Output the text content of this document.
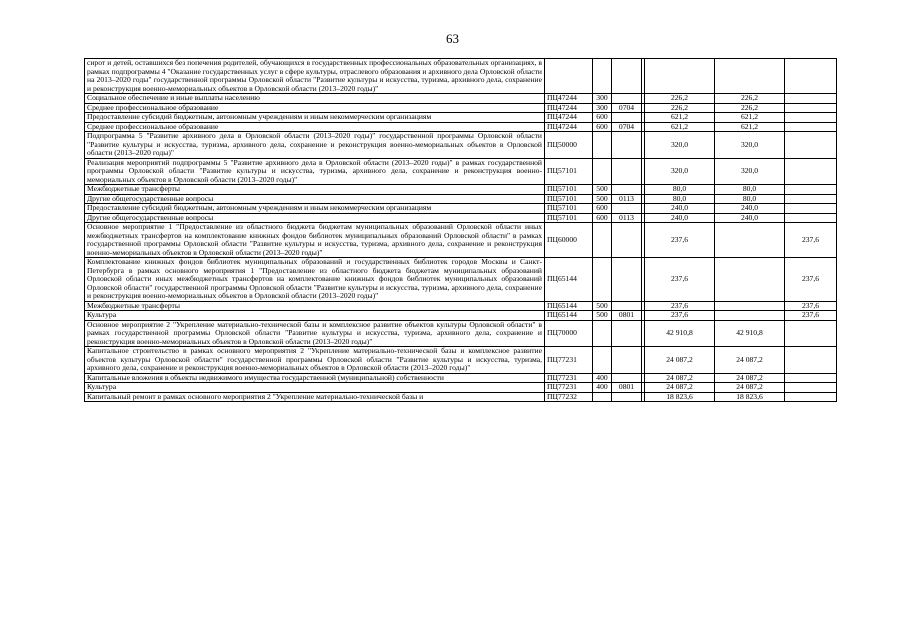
63
сирот и детей, оставшихся без попечения родителей, обучающихся в государственных профессиональных образовательных организациях, в рамках подпрограммы 4 "Оказание государственных услуг в сфере культуры, отраслевого образования и архивного дела Орловской области на 2013–2020 годы" государственной программы Орловской области "Развитие культуры и искусства, туризма, архивного дела, сохранение и реконструкция военно-мемориальных объектов в Орловской области (2013–2020 годы)"							
Социальное обеспечение и иные выплаты населению	ПЦ47244	300			226,2	226,2	
Среднее профессиональное образование	ПЦ47244	300	0704		226,2	226,2	
Предоставление субсидий бюджетным, автономным учреждениям и иным некоммерческим организациям	ПЦ47244	600			621,2	621,2	
Среднее профессиональное образование	ПЦ47244	600	0704		621,2	621,2	
Подпрограмма 5 "Развитие архивного дела в Орловской области (2013–2020 годы)" государственной программы Орловской области "Развитие культуры и искусства, туризма, архивного дела, сохранение и реконструкция военно-мемориальных объектов в Орловской области (2013–2020 годы)"	ПЦ50000				320,0	320,0	
Реализация мероприятий подпрограммы 5 "Развитие архивного дела в Орловской области (2013–2020 годы)" в рамках государственной программы Орловской области "Развитие культуры и искусства, туризма, архивного дела, сохранение и реконструкция военно-мемориальных объектов в Орловской области (2013–2020 годы)"	ПЦ57101				320,0	320,0	
Межбюджетные трансферты	ПЦ57101	500			80,0	80,0	
Другие общегосударственные вопросы	ПЦ57101	500	0113		80,0	80,0	
Предоставление субсидий бюджетным, автономным учреждениям и иным некоммерческим организациям	ПЦ57101	600			240,0	240,0	
Другие общегосударственные вопросы	ПЦ57101	600	0113		240,0	240,0	
Основное мероприятие 1 "Предоставление из областного бюджета бюджетам муниципальных образований Орловской области иных межбюджетных трансфертов на комплектование книжных фондов библиотек муниципальных образований Орловской области" в рамках государственной программы Орловской области "Развитие культуры и искусства, туризма, архивного дела, сохранение и реконструкция военно-мемориальных объектов в Орловской области (2013–2020 годы)"	ПЦ60000				237,6		237,6
Комплектование книжных фондов библиотек муниципальных образований и государственных библиотек городов Москвы и Санкт-Петербурга в рамках основного мероприятия 1 "Предоставление из областного бюджета бюджетам муниципальных образований Орловской области иных межбюджетных трансфертов на комплектование книжных фондов библиотек муниципальных образований Орловской области" государственной программы Орловской области "Развитие культуры и искусства, туризма, архивного дела, сохранение и реконструкция военно-мемориальных объектов в Орловской области (2013–2020 годы)"	ПЦ65144				237,6		237,6
Межбюджетные трансферты	ПЦ65144	500			237,6		237,6
Культура	ПЦ65144	500	0801		237,6		237,6
Основное мероприятие 2 "Укрепление материально-технической базы и комплексное развитие объектов культуры Орловской области" в рамках государственной программы Орловской области "Развитие культуры и искусства, туризма, архивного дела, сохранение и реконструкция военно-мемориальных объектов в Орловской области (2013–2020 годы)"	ПЦ70000				42 910,8	42 910,8	
Капитальное строительство в рамках основного мероприятия 2 "Укрепление материально-технической базы и комплексное развитие объектов культуры Орловской области" государственной программы Орловской области "Развитие культуры и искусства, туризма, архивного дела, сохранение и реконструкция военно-мемориальных объектов в Орловской области (2013–2020 годы)"	ПЦ77231				24 087,2	24 087,2	
Капитальные вложения в объекты недвижимого имущества государственной (муниципальной) собственности	ПЦ77231	400			24 087,2	24 087,2	
Культура	ПЦ77231	400	0801		24 087,2	24 087,2	
Капитальный ремонт в рамках основного мероприятия 2 "Укрепление материально-технической базы и	ПЦ77232				18 823,6	18 823,6	
